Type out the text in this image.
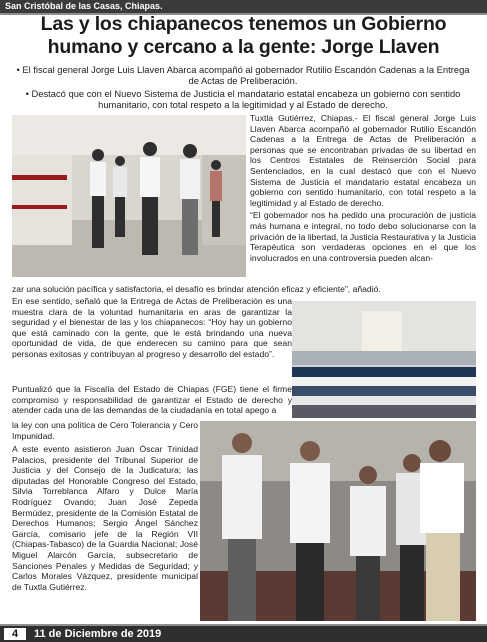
San Cristóbal de las Casas, Chiapas.
Las y los chiapanecos tenemos un Gobierno humano y cercano a la gente: Jorge Llaven
• El fiscal general Jorge Luis Llaven Abarca acompañó al gobernador Rutilio Escandón Cadenas a la Entrega de Actas de Preliberación.
• Destacó que con el Nuevo Sistema de Justicia el mandatario estatal encabeza un gobierno con sentido humanitario, con total respeto a la legitimidad y al Estado de derecho.

Tuxtla Gutiérrez, Chiapas.- El fiscal general Jorge Luis Llaven Abarca acompañó al gobernador Rutilio Escandón Cadenas a la Entrega de Actas de Preliberación a personas que se encontraban privadas de su libertad en los Centros Estatales de Reinserción Social para Sentenciados, en la cual destacó que con el Nuevo Sistema de Justicia el mandatario estatal encabeza un gobierno con sentido humanitario, con total respeto a la legitimidad y al Estado de derecho.

“El gobernador nos ha pedido una procuración de justicia más humana e integral, no todo debo solucionarse con la privación de la libertad, la Justicia Restaurativa y la Justicia Terapéutica son verdaderas opciones en el que los involucrados en una controversia pueden alcan-

zar una solución pacífica y satisfactoria, el desafío es brindar atención eficaz y eficiente”, añadió.
En ese sentido, señaló que la Entrega de Actas de Preliberación es una muestra clara de la voluntad humanitaria en aras de garantizar la seguridad y el bienestar de las y los chiapanecos: “Hoy hay un gobierno que está caminado con la gente, que le está brindando una nueva oportunidad de vida, de que enderecen su camino para que sean personas exitosas y contribuyan al progreso y desarrollo del estado”.
Puntualizó que la Fiscalía del Estado de Chiapas (FGE) tiene el firme compromiso y responsabilidad de garantizar el Estado de derecho y atender cada una de las demandas de la ciudadanía en total apego a
la ley con una política de Cero Tolerancia y Cero Impunidad.
A este evento asistieron Juan Óscar Trinidad Palacios, presidente del Tribunal Superior de Justicia y del Consejo de la Judicatura; las diputadas del Honorable Congreso del Estado, Silvia Torreblanca Alfaro y Dulce María Rodríguez Ovando; Juan José Zepeda Bermúdez, presidente de la Comisión Estatal de Derechos Humanos; Sergio Ángel Sánchez García, comisario jefe de la Región VII (Chiapas-Tabasco) de la Guardia Nacional; José Miguel Alarcón García, subsecretario de Sanciones Penales y Medidas de Seguridad; y Carlos Morales Vázquez, presidente municipal de Tuxtla Gutiérrez.
4	11 de Diciembre de 2019
